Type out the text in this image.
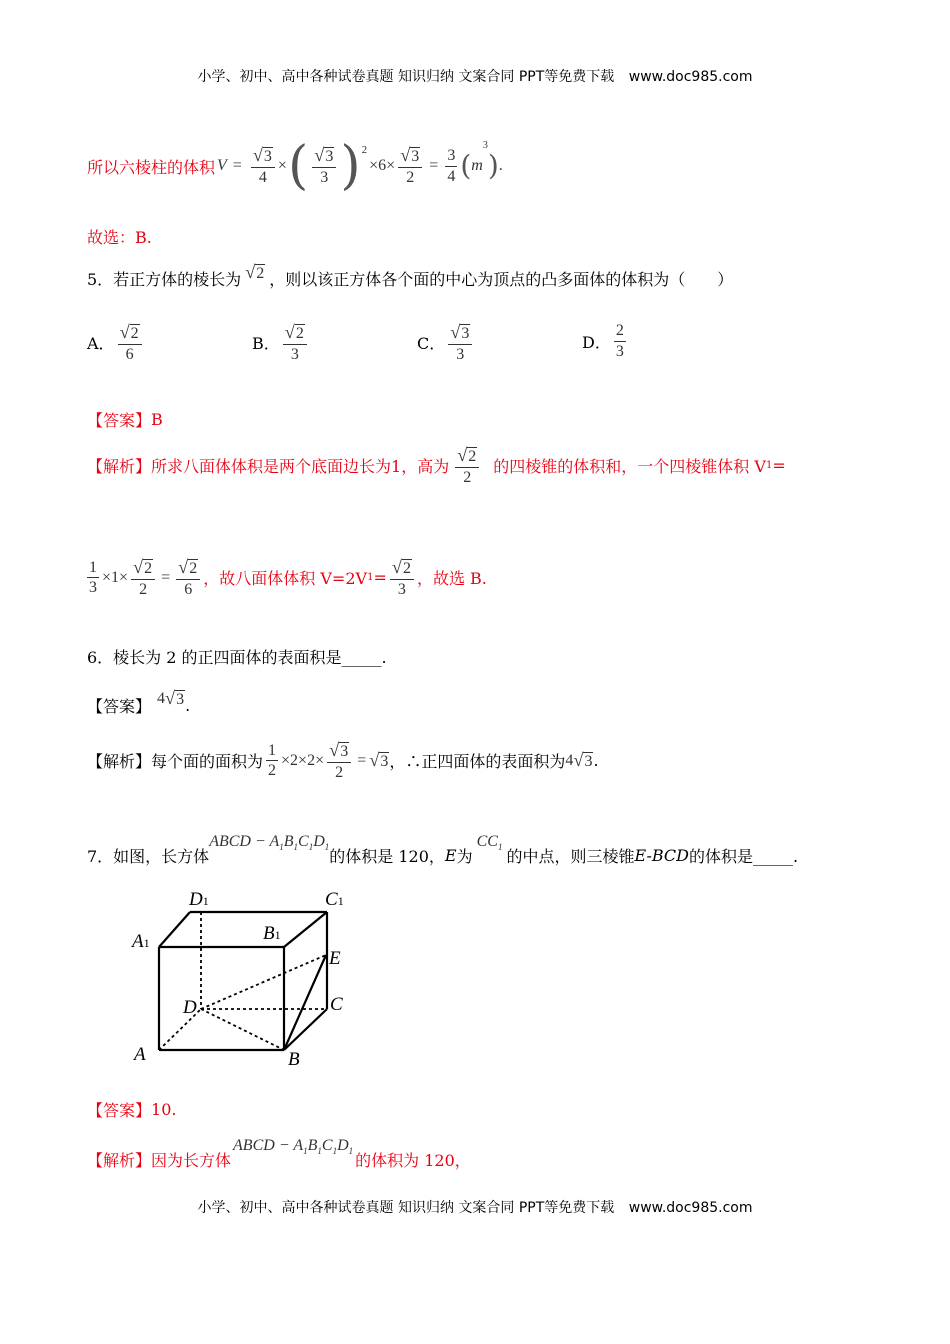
小学、初中、高中各种试卷真题 知识归纳 文案合同 PPT等免费下载 www.doc985.com
所以六棱柱的体积 $V = \frac{√ 3}{4}$ × ( $\frac{√ 3}{3} )^2$
× $6 \times \frac{√ 3}{2} = \frac{3}{4}$ ( m
3
) .
故选：B.
5．若正方体的棱长为 √ 2 ，则以该正方体各个面的中心为顶点的凸多面体的体积为（　　）
A． $\frac{√ 2}{6}$	B． $\frac{√ 2}{3}$	C． $\frac{√ 3}{3}$	D． $\frac{2}{3}$
【答案】 B
【解析】 所求八面体体积是两个底面边长为1，高为 $\frac{√ 2}{2}$ 的四棱锥的体积和，一个四棱锥体积 V 1 =
$\frac{1}{3} \times 1\times \frac{√ 2}{2} = \frac{√ 2}{6}$ ，故八面体体积 V=2V $1 = \frac{√ 2}{3}$ ，故选 B.
6．棱长为 2 的正四面体的表面积是_____.
【答案】 4 √ 3 .
【解析】 每个面的面积为 $\frac{1}{2} \times 2\times 2\times \frac{√ 3}{2}$ = √ 3 ，∴正四面体的表面积为 4 √ 3 .
7．如图，长方体
ABCD − $A_1B_1C_1D_1$ 的体积是 120， E 为
$CC_1$ 的中点，则三棱锥 E-BCD 的体积是_____.
D1	C1
A1	B1
E
D	C
A	B
【答案】 10.
【解析】 因为长方体
ABCD − $A_1B_1C_1D_1$ 的体积为 120，
小学、初中、高中各种试卷真题 知识归纳 文案合同 PPT等免费下载 www.doc985.com
